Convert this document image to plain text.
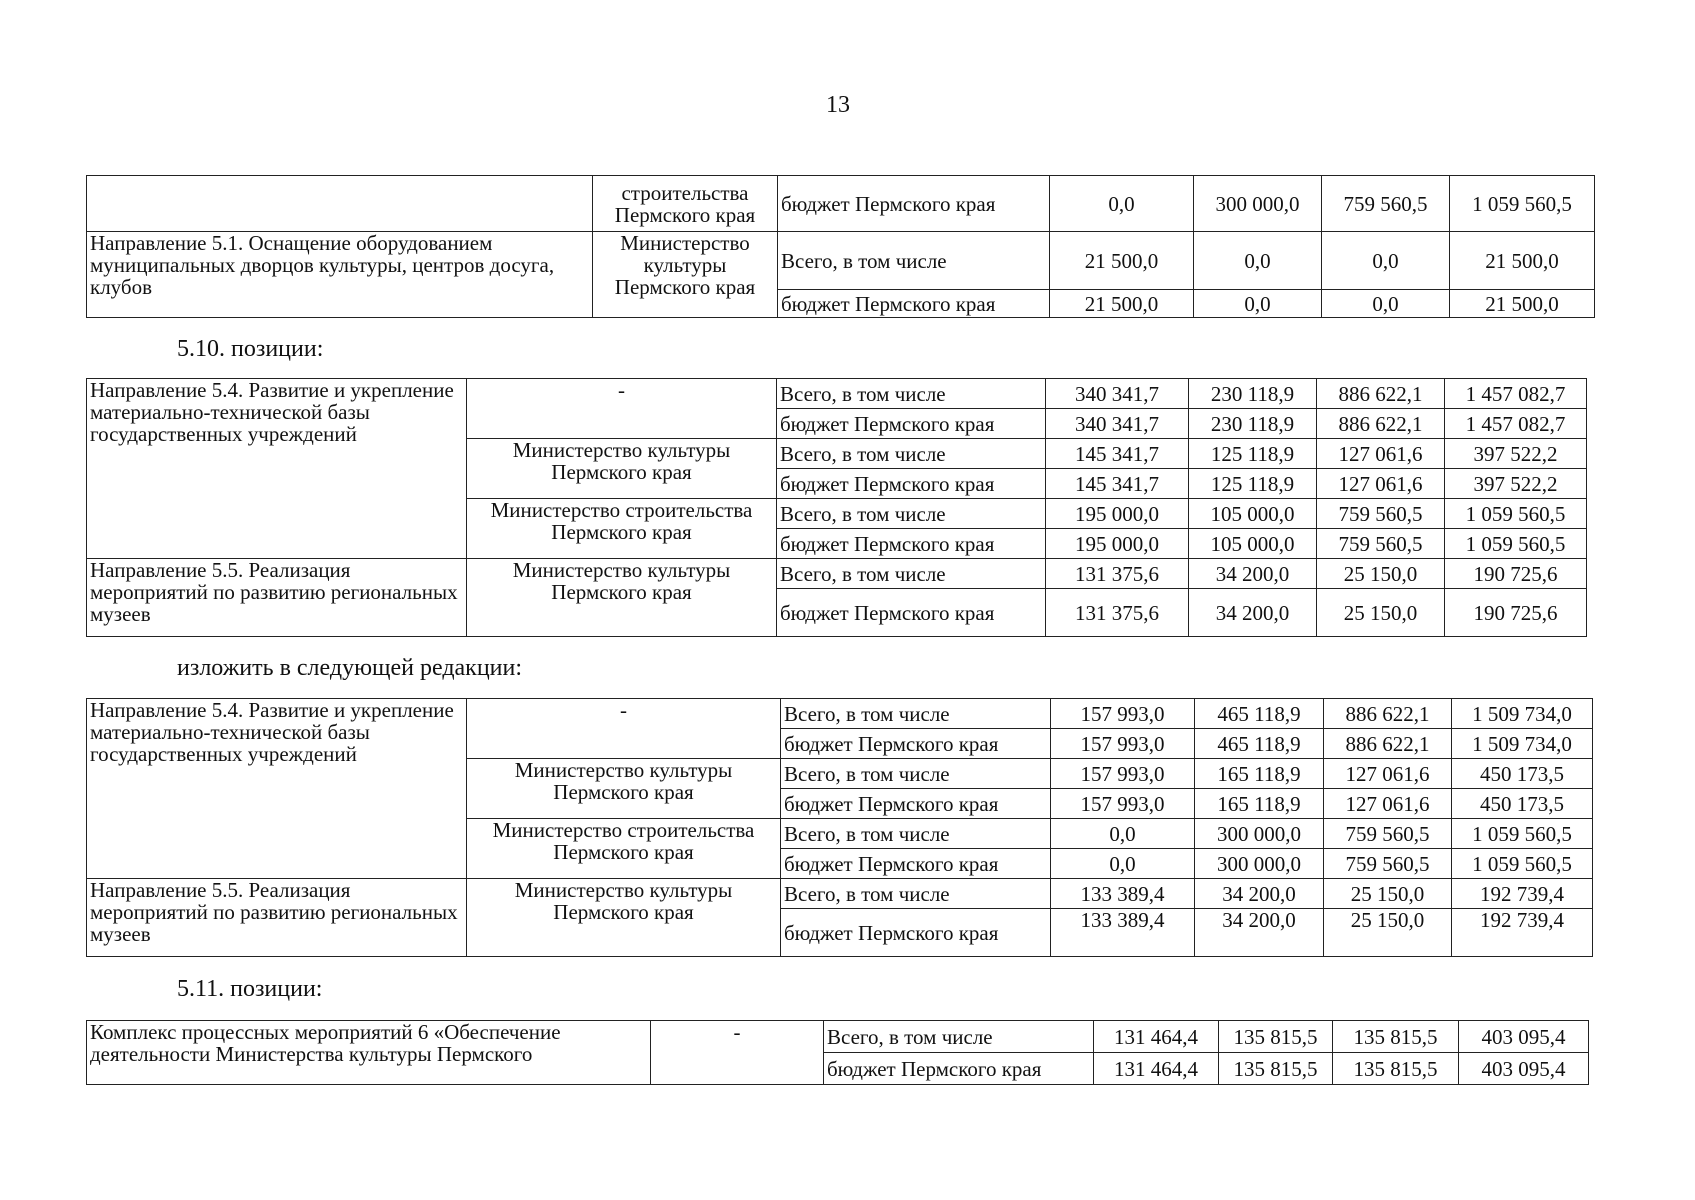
13
	строительства Пермского края	бюджет Пермского края	0,0	300 000,0	759 560,5	1 059 560,5
Направление 5.1. Оснащение оборудованием муниципальных дворцов культуры, центров досуга, клубов	Министерство культуры Пермского края	Всего, в том числе	21 500,0	0,0	0,0	21 500,0
		бюджет Пермского края	21 500,0	0,0	0,0	21 500,0
5.10. позиции:
Направление 5.4. Развитие и укрепление материально-технической базы государственных учреждений	-	Всего, в том числе	340 341,7	230 118,9	886 622,1	1 457 082,7
		бюджет Пермского края	340 341,7	230 118,9	886 622,1	1 457 082,7
	Министерство культуры Пермского края	Всего, в том числе	145 341,7	125 118,9	127 061,6	397 522,2
		бюджет Пермского края	145 341,7	125 118,9	127 061,6	397 522,2
	Министерство строительства Пермского края	Всего, в том числе	195 000,0	105 000,0	759 560,5	1 059 560,5
		бюджет Пермского края	195 000,0	105 000,0	759 560,5	1 059 560,5
Направление 5.5. Реализация мероприятий по развитию региональных музеев	Министерство культуры Пермского края	Всего, в том числе	131 375,6	34 200,0	25 150,0	190 725,6
		бюджет Пермского края	131 375,6	34 200,0	25 150,0	190 725,6
изложить в следующей редакции:
Направление 5.4. Развитие и укрепление материально-технической базы государственных учреждений	-	Всего, в том числе	157 993,0	465 118,9	886 622,1	1 509 734,0
		бюджет Пермского края	157 993,0	465 118,9	886 622,1	1 509 734,0
	Министерство культуры Пермского края	Всего, в том числе	157 993,0	165 118,9	127 061,6	450 173,5
		бюджет Пермского края	157 993,0	165 118,9	127 061,6	450 173,5
	Министерство строительства Пермского края	Всего, в том числе	0,0	300 000,0	759 560,5	1 059 560,5
		бюджет Пермского края	0,0	300 000,0	759 560,5	1 059 560,5
Направление 5.5. Реализация мероприятий по развитию региональных музеев	Министерство культуры Пермского края	Всего, в том числе	133 389,4	34 200,0	25 150,0	192 739,4
		бюджет Пермского края	133 389,4	34 200,0	25 150,0	192 739,4
5.11. позиции:
Комплекс процессных мероприятий 6 «Обеспечение деятельности Министерства культуры Пермского	-	Всего, в том числе	131 464,4	135 815,5	135 815,5	403 095,4
		бюджет Пермского края	131 464,4	135 815,5	135 815,5	403 095,4
